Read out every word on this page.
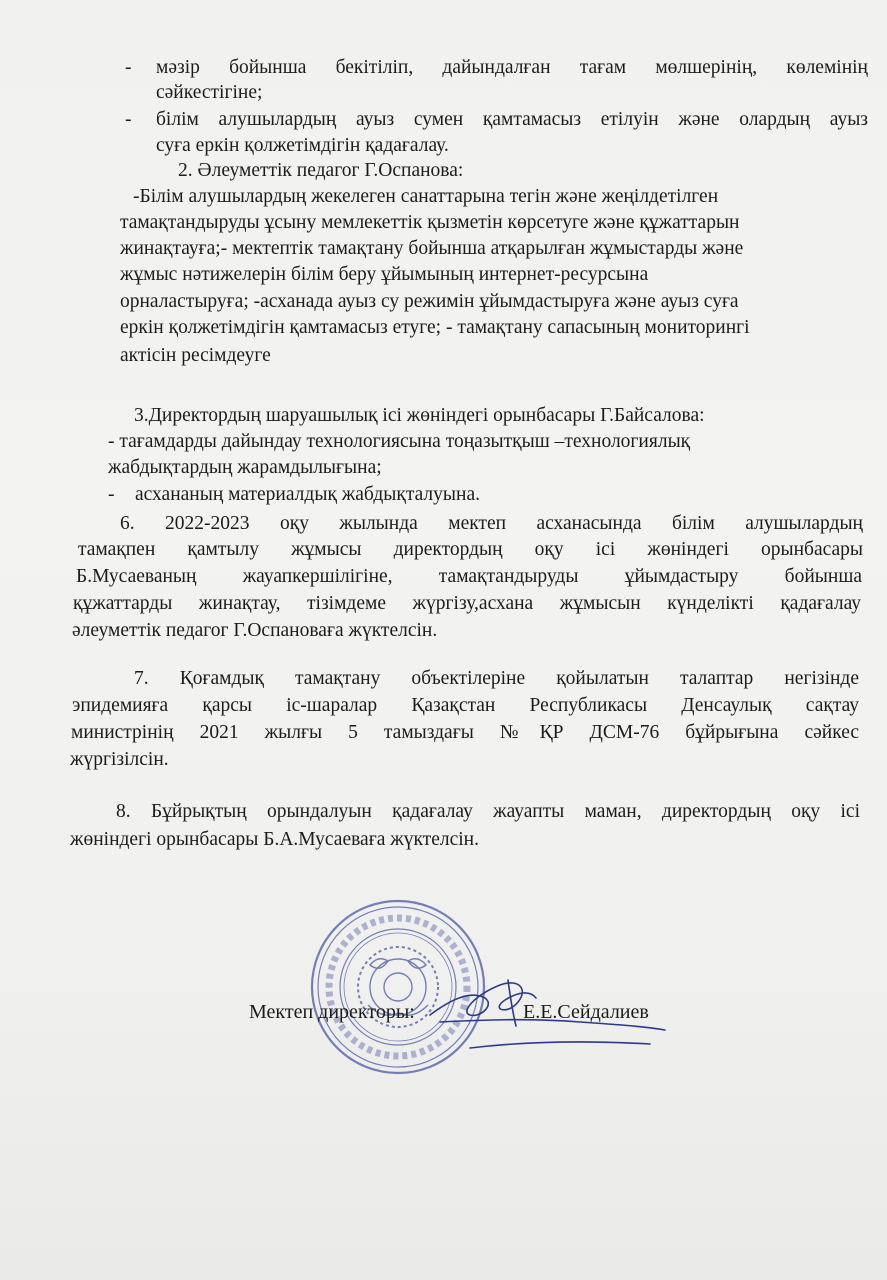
- мәзір бойынша бекітіліп, дайындалған тағам мөлшерінің, көлемінің
сәйкестігіне;
- білім алушылардың ауыз сумен қамтамасыз етілуін және олардың ауыз
суға еркін қолжетімдігін қадағалау.
2. Әлеуметтік педагог Г.Оспанова:
-Білім алушылардың жекелеген санаттарына тегін және жеңілдетілген
тамақтандыруды ұсыну мемлекеттік қызметін көрсетуге және құжаттарын
жинақтауға;- мектептік тамақтану бойынша атқарылған жұмыстарды және
жұмыс нәтижелерін білім беру ұйымының интернет-ресурсына
орналастыруға; -асханада ауыз су режимін ұйымдастыруға және ауыз суға
еркін қолжетімдігін қамтамасыз етуге; - тамақтану сапасының мониторингі
актісін ресімдеуге
3.Директордың шаруашылық ісі жөніндегі орынбасары Г.Байсалова:
- тағамдарды дайындау технологиясына тоңазытқыш –технологиялық
жабдықтардың жарамдылығына;
- асхананың материалдық жабдықталуына.
6. 2022-2023 оқу жылында мектеп асханасында білім алушылардың
тамақпен қамтылу жұмысы директордың оқу ісі жөніндегі орынбасары
Б.Мусаеваның жауапкершілігіне, тамақтандыруды ұйымдастыру бойынша
құжаттарды жинақтау, тізімдеме жүргізу,асхана жұмысын күнделікті қадағалау
әлеуметтік педагог Г.Оспановаға жүктелсін.
7. Қоғамдық тамақтану объектілеріне қойылатын талаптар негізінде
эпидемияға қарсы іс-шаралар Қазақстан Республикасы Денсаулық сақтау
министрінің 2021 жылғы 5 тамыздағы №ҚР ДСМ-76 бұйрығына сәйкес
жүргізілсін.
8. Бұйрықтың орындалуын қадағалау жауапты маман, директордың оқу ісі
жөніндегі орынбасары Б.А.Мусаеваға жүктелсін.
Мектеп директоры:	Е.Е.Сейдалиев
